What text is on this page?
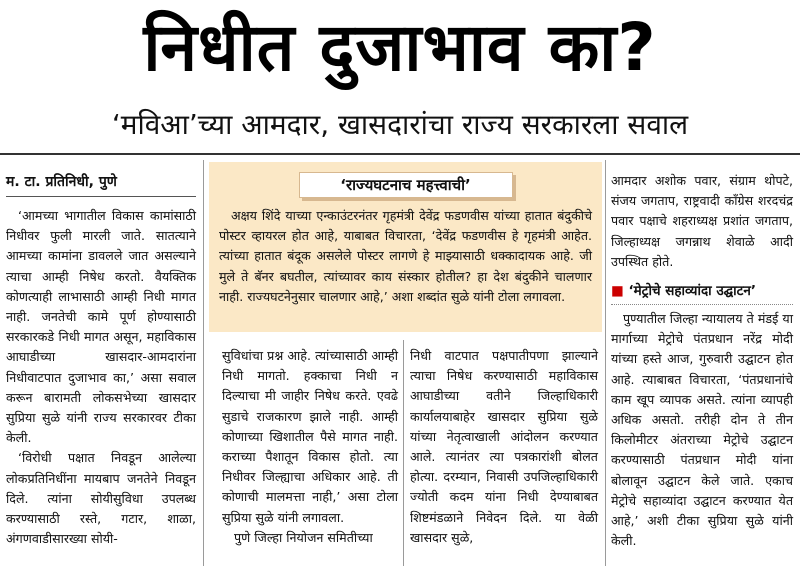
निधीत दुजाभाव का?
‘मविआ’च्या आमदार, खासदारांचा राज्य सरकारला सवाल
म. टा. प्रतिनिधी, पुणे

‘आमच्या भागातील विकास कामांसाठी निधीवर फुली मारली जाते. सातत्याने आमच्या कामांना डावलले जात असल्याने त्याचा आम्ही निषेध करतो. वैयक्तिक कोणत्याही लाभासाठी आम्ही निधी मागत नाही. जनतेची कामे पूर्ण होण्यासाठी सरकारकडे निधी मागत असून, महाविकास आघाडीच्या खासदार-आमदारांना निधीवाटपात दुजाभाव का,’ असा सवाल करून बारामती लोकसभेच्या खासदार सुप्रिया सुळे यांनी राज्य सरकारवर टीका केली.

‘विरोधी पक्षात निवडून आलेल्या लोकप्रतिनिधींना मायबाप जनतेने निवडून दिले. त्यांना सोयीसुविधा उपलब्ध करण्यासाठी रस्ते, गटार, शाळा, अंगणवाडीसारख्या सोयी-

‘राज्यघटनाच महत्त्वाची’
अक्षय शिंदे याच्या एन्काउंटरनंतर गृहमंत्री देवेंद्र फडणवीस यांच्या हातात बंदुकीचे पोस्टर व्हायरल होत आहे, याबाबत विचारता, ‘देवेंद्र फडणवीस हे गृहमंत्री आहेत. त्यांच्या हातात बंदूक असलेले पोस्टर लागणे हे माझ्यासाठी धक्कादायक आहे. जी मुले ते बॅनर बघतील, त्यांच्यावर काय संस्कार होतील? हा देश बंदुकीने चालणार नाही. राज्यघटनेनुसार चालणार आहे,’ अशा शब्दांत सुळे यांनी टोला लगावला.

सुविधांचा प्रश्न आहे. त्यांच्यासाठी आम्ही निधी मागतो. हक्काचा निधी न दिल्याचा मी जाहीर निषेध करते. एवढे सुडाचे राजकारण झाले नाही. आम्ही कोणाच्या खिशातील पैसे मागत नाही. कराच्या पैशातून विकास होतो. त्या निधीवर जिल्ह्याचा अधिकार आहे. ती कोणाची मालमत्ता नाही,’ असा टोला सुप्रिया सुळे यांनी लगावला.

पुणे जिल्हा नियोजन समितीच्या

निधी वाटपात पक्षपातीपणा झाल्याने त्याचा निषेध करण्यासाठी महाविकास आघाडीच्या वतीने जिल्हाधिकारी कार्यालयाबाहेर खासदार सुप्रिया सुळे यांच्या नेतृत्वाखाली आंदोलन करण्यात आले. त्यानंतर त्या पत्रकारांशी बोलत होत्या. दरम्यान, निवासी उपजिल्हाधिकारी ज्योती कदम यांना निधी देण्याबाबत शिष्टमंडळाने निवेदन दिले. या वेळी खासदार सुळे,

आमदार अशोक पवार, संग्राम थोपटे, संजय जगताप, राष्ट्रवादी काँग्रेस शरदचंद्र पवार पक्षाचे शहराध्यक्ष प्रशांत जगताप, जिल्हाध्यक्ष जगन्नाथ शेवाळे आदी उपस्थित होते.

■ ‘मेट्रोचे सहाव्यांदा उद्घाटन’

पुण्यातील जिल्हा न्यायालय ते मंडई या मार्गाच्या मेट्रोचे पंतप्रधान नरेंद्र मोदी यांच्या हस्ते आज, गुरुवारी उद्घाटन होत आहे. त्याबाबत विचारता, ‘पंतप्रधानांचे काम खूप व्यापक असते. त्यांना व्यापही अधिक असतो. तरीही दोन ते तीन किलोमीटर अंतराच्या मेट्रोचे उद्घाटन करण्यासाठी पंतप्रधान मोदी यांना बोलावून उद्घाटन केले जाते. एकाच मेट्रोचे सहाव्यांदा उद्घाटन करण्यात येत आहे,’ अशी टीका सुप्रिया सुळे यांनी केली.
